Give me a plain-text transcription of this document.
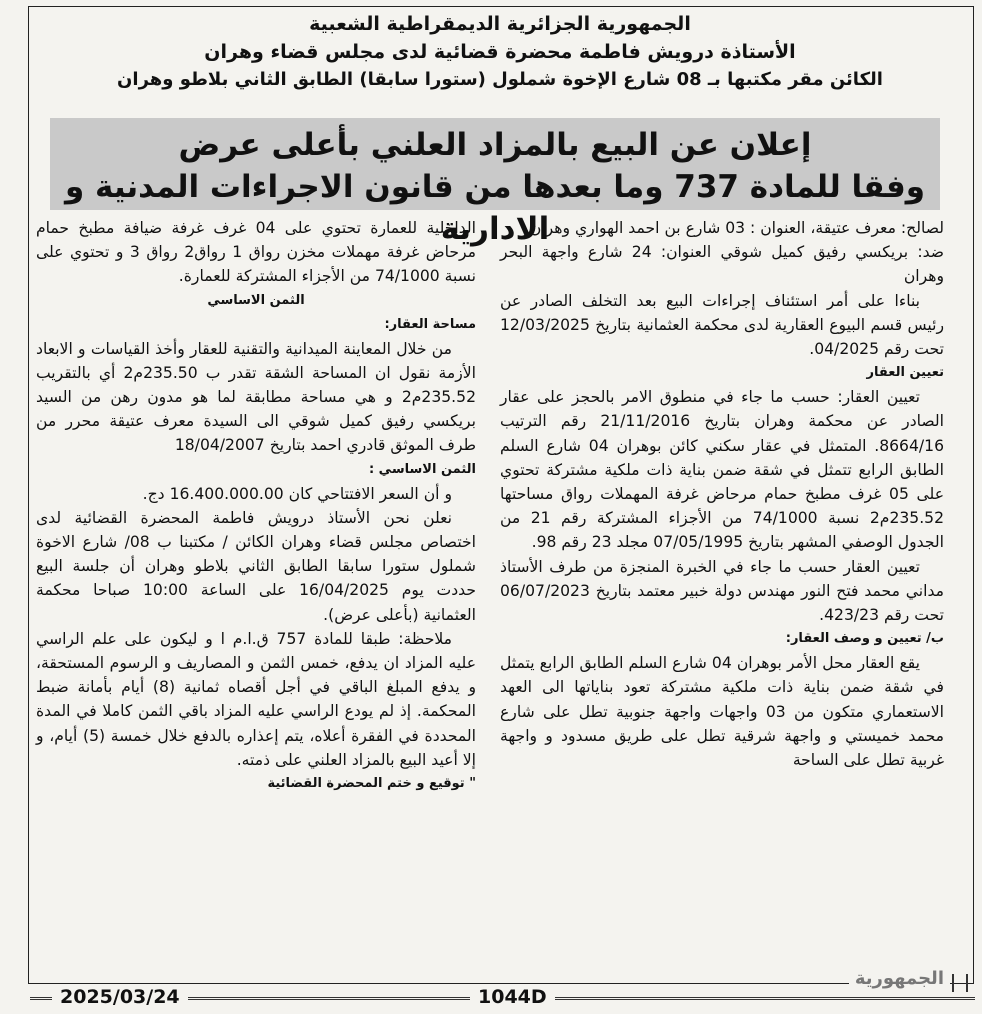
الجمهورية الجزائرية الديمقراطية الشعبية
الأستاذة درويش فاطمة محضرة قضائية لدى مجلس قضاء وهران
الكائن مقر مكتبها بـ 08 شارع الإخوة شملول (ستورا سابقا) الطابق الثاني بلاطو وهران
إعلان عن البيع بالمزاد العلني بأعلى عرض
وفقا للمادة 737 وما بعدها من قانون الاجراءات المدنية و الادارية

لصالح: معرف عتيقة، العنوان : 03 شارع بن احمد الهواري وهران

ضد: بريكسي رفيق كميل شوقي العنوان: 24 شارع واجهة البحر وهران

بناءا على أمر استئناف إجراءات البيع بعد التخلف الصادر عن رئيس قسم البيوع العقارية لدى محكمة العثمانية بتاريخ 12/03/2025 تحت رقم 04/2025.

تعيين العقار

تعيين العقار: حسب ما جاء في منطوق الامر بالحجز على عقار الصادر عن محكمة وهران بتاريخ 21/11/2016 رقم الترتيب 8664/16. المتمثل في عقار سكني كائن بوهران 04 شارع السلم الطابق الرابع تتمثل في شقة ضمن بناية ذات ملكية مشتركة تحتوي على 05 غرف مطبخ حمام مرحاض غرفة المهملات رواق مساحتها 235.52م2 نسبة 74/1000 من الأجزاء المشتركة رقم 21 من الجدول الوصفي المشهر بتاريخ 07/05/1995 مجلد 23 رقم 98.

تعيين العقار حسب ما جاء في الخبرة المنجزة من طرف الأستاذ مداني محمد فتح النور مهندس دولة خبير معتمد بتاريخ 06/07/2023 تحت رقم 423/23.

ب/ تعيين و وصف العقار:

يقع العقار محل الأمر بوهران 04 شارع السلم الطابق الرابع يتمثل في شقة ضمن بناية ذات ملكية مشتركة تعود بناياتها الى العهد الاستعماري متكون من 03 واجهات واجهة جنوبية تطل على شارع محمد خميستي و واجهة شرقية تطل على طريق مسدود و واجهة غربية تطل على الساحة

الداخلية للعمارة تحتوي على 04 غرف غرفة ضيافة مطبخ حمام مرحاض غرفة مهملات مخزن رواق 1 رواق2 رواق 3 و تحتوي على نسبة 74/1000 من الأجزاء المشتركة للعمارة.

الثمن الاساسي

مساحة العقار:

من خلال المعاينة الميدانية والتقنية للعقار وأخذ القياسات و الابعاد الأزمة نقول ان المساحة الشقة تقدر ب 235.50م2 أي بالتقريب 235.52م2 و هي مساحة مطابقة لما هو مدون رهن من السيد بريكسي رفيق كميل شوقي الى السيدة معرف عتيقة محرر من طرف الموثق قادري احمد بتاريخ 18/04/2007

الثمن الاساسي :

و أن السعر الافتتاحي كان 16.400.000.00 دج.

نعلن نحن الأستاذ درويش فاطمة المحضرة القضائية لدى اختصاص مجلس قضاء وهران الكائن / مكتبنا ب 08/ شارع الاخوة شملول ستورا سابقا الطابق الثاني بلاطو وهران أن جلسة البيع حددت يوم 16/04/2025 على الساعة 10:00 صباحا محكمة العثمانية (بأعلى عرض).

ملاحظة: طبقا للمادة 757 ق.ا.م ا و ليكون على علم الراسي عليه المزاد ان يدفع، خمس الثمن و المصاريف و الرسوم المستحقة، و يدفع المبلغ الباقي في أجل أقصاه ثمانية (8) أيام بأمانة ضبط المحكمة. إذ لم يودع الراسي عليه المزاد باقي الثمن كاملا في المدة المحددة في الفقرة أعلاه، يتم إعذاره بالدفع خلال خمسة (5) أيام، و إلا أعيد البيع بالمزاد العلني على ذمته.

" توقيع و ختم المحضرة القضائية

2025/03/24	1044D
الجمهورية
